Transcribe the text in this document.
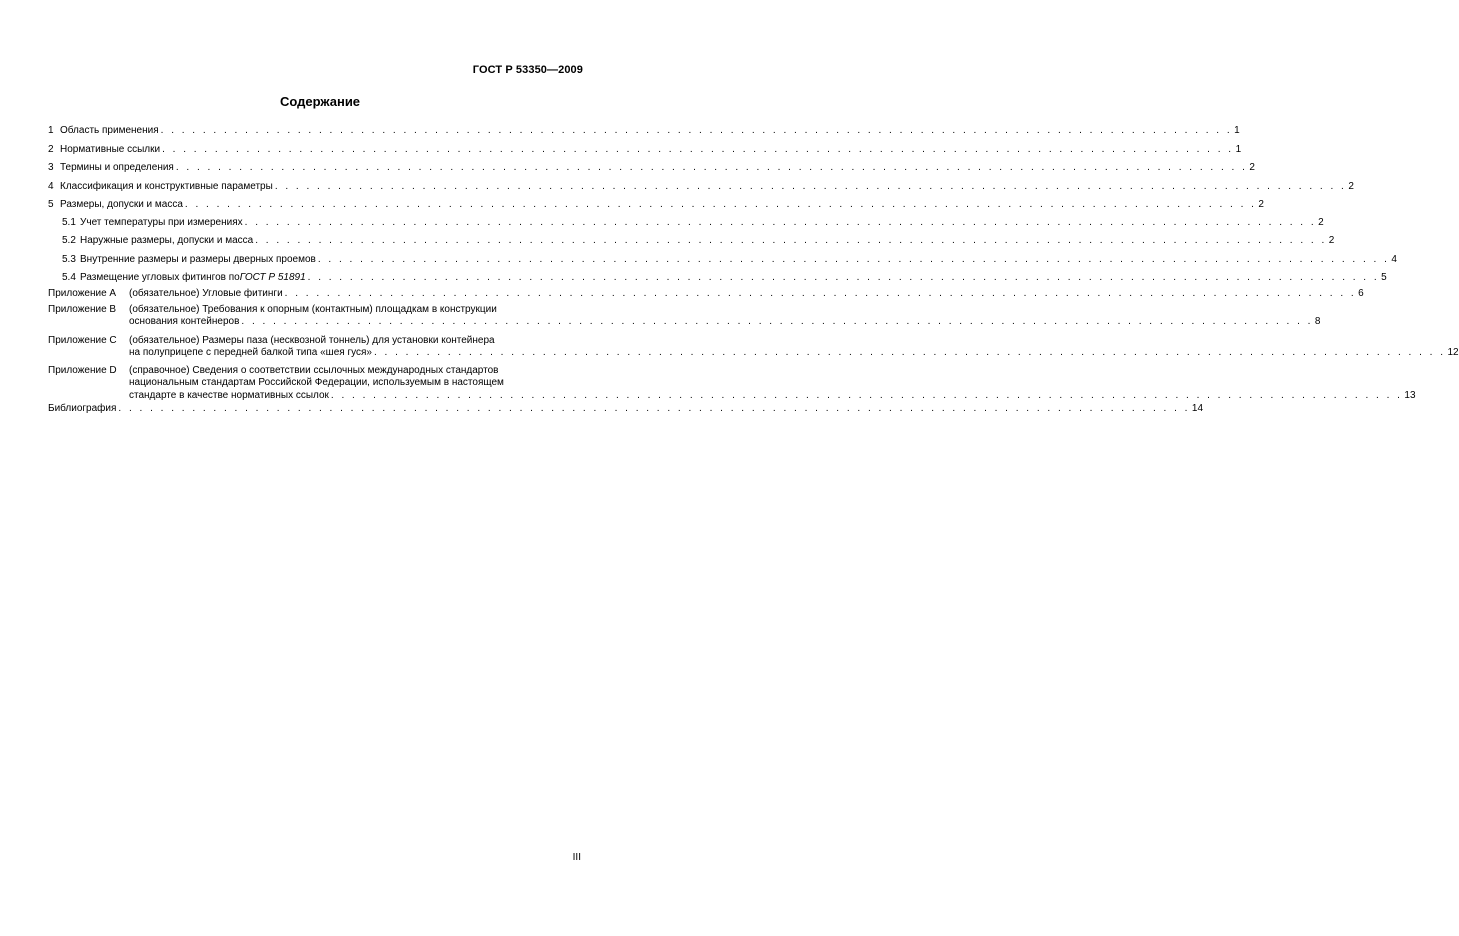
ГОСТ Р 53350—2009
Содержание
1 Область применения . . . . . . . . . . . . . . . . . . . . . . . . . . . . . . . . . . . . . . . . . . . . . . . . . . . . . . . . . . . . . . . . . . . . . . . . . . . . . . . . . . . . . . . . . . . . . . . . . . . . . . 1
2 Нормативные ссылки . . . . . . . . . . . . . . . . . . . . . . . . . . . . . . . . . . . . . . . . . . . . . . . . . . . . . . . . . . . . . . . . . . . . . . . . . . . . . . . . . . . . . . . . . . . . . . . . . . . . . . 1
3 Термины и определения . . . . . . . . . . . . . . . . . . . . . . . . . . . . . . . . . . . . . . . . . . . . . . . . . . . . . . . . . . . . . . . . . . . . . . . . . . . . . . . . . . . . . . . . . . . . . . . . . . . . . . 2
4 Классификация и конструктивные параметры . . . . . . . . . . . . . . . . . . . . . . . . . . . . . . . . . . . . . . . . . . . . . . . . . . . . . . . . . . . . . . . . . . . . . . . . . . . . . . . . . . . . . . . . . . . . . . . . . . . . . . 2
5 Размеры, допуски и масса . . . . . . . . . . . . . . . . . . . . . . . . . . . . . . . . . . . . . . . . . . . . . . . . . . . . . . . . . . . . . . . . . . . . . . . . . . . . . . . . . . . . . . . . . . . . . . . . . . . . . . 2
5.1 Учет температуры при измерениях . . . . . . . . . . . . . . . . . . . . . . . . . . . . . . . . . . . . . . . . . . . . . . . . . . . . . . . . . . . . . . . . . . . . . . . . . . . . . . . . . . . . . . . . . . . . . . . . . . . . . . 2
5.2 Наружные размеры, допуски и масса . . . . . . . . . . . . . . . . . . . . . . . . . . . . . . . . . . . . . . . . . . . . . . . . . . . . . . . . . . . . . . . . . . . . . . . . . . . . . . . . . . . . . . . . . . . . . . . . . . . . . . 2
5.3 Внутренние размеры и размеры дверных проемов . . . . . . . . . . . . . . . . . . . . . . . . . . . . . . . . . . . . . . . . . . . . . . . . . . . . . . . . . . . . . . . . . . . . . . . . . . . . . . . . . . . . . . . . . . . . . . . . . . . . . . 4
5.4 Размещение угловых фитингов по ГОСТ Р 51891 . . . . . . . . . . . . . . . . . . . . . . . . . . . . . . . . . . . . . . . . . . . . . . . . . . . . . . . . . . . . . . . . . . . . . . . . . . . . . . . . . . . . . . . . . . . . . . . . . . . . . . 5
Приложение A	(обязательное) Угловые фитинги . . . . . . . . . . . . . . . . . . . . . . . . . . . . . . . . . . . . . . . . . . . . . . . . . . . . . . . . . . . . . . . . . . . . . . . . . . . . . . . . . . . . . . . . . . . . . . . . . . . . . . 6
Приложение B	(обязательное) Требования к опорным (контактным) площадкам в конструкции
основания контейнеров . . . . . . . . . . . . . . . . . . . . . . . . . . . . . . . . . . . . . . . . . . . . . . . . . . . . . . . . . . . . . . . . . . . . . . . . . . . . . . . . . . . . . . . . . . . . . . . . . . . . . . 8
Приложение C	(обязательное) Размеры паза (несквозной тоннель) для установки контейнера
на полуприцепе с передней балкой типа «шея гуся» . . . . . . . . . . . . . . . . . . . . . . . . . . . . . . . . . . . . . . . . . . . . . . . . . . . . . . . . . . . . . . . . . . . . . . . . . . . . . . . . . . . . . . . . . . . . . . . . . . . . . . 12
Приложение D	(справочное) Сведения о соответствии ссылочных международных стандартов
национальным стандартам Российской Федерации, используемым в настоящем
стандарте в качестве нормативных ссылок . . . . . . . . . . . . . . . . . . . . . . . . . . . . . . . . . . . . . . . . . . . . . . . . . . . . . . . . . . . . . . . . . . . . . . . . . . . . . . . . . . . . . . . . . . . . . . . . . . . . . . 13
Библиография . . . . . . . . . . . . . . . . . . . . . . . . . . . . . . . . . . . . . . . . . . . . . . . . . . . . . . . . . . . . . . . . . . . . . . . . . . . . . . . . . . . . . . . . . . . . . . . . . . . . . . 14
III
